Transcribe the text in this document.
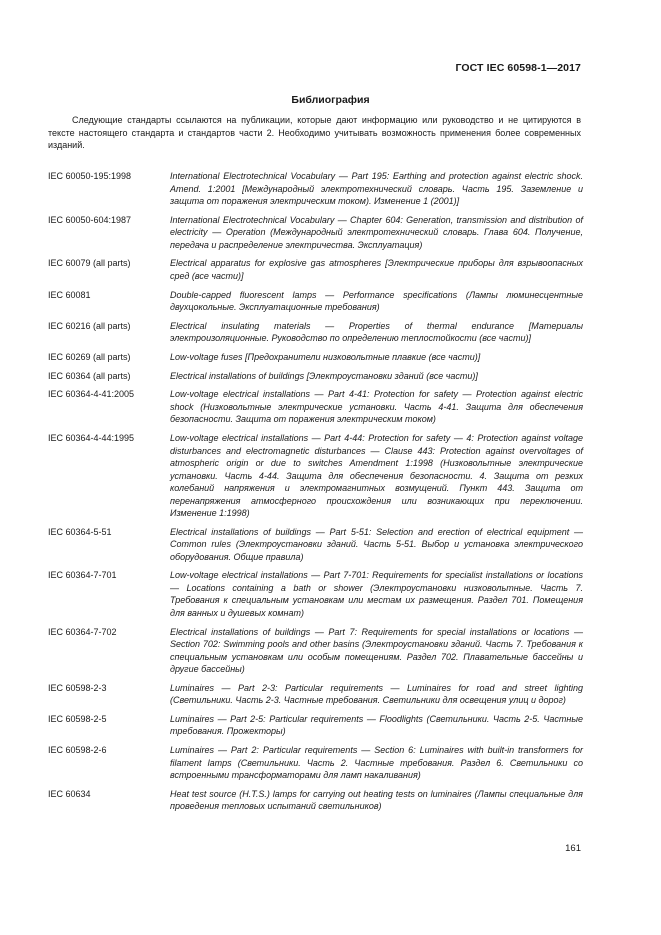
ГОСТ IEC 60598-1—2017
Библиография
Следующие стандарты ссылаются на публикации, которые дают информацию или руководство и не цитируются в тексте настоящего стандарта и стандартов части 2. Необходимо учитывать возможность применения более современных изданий.
IEC 60050-195:1998	International Electrotechnical Vocabulary — Part 195: Earthing and protection against electric shock. Amend. 1:2001 [Международный электротехнический словарь. Часть 195. Заземление и защита от поражения электрическим током). Изменение 1 (2001)]
IEC 60050-604:1987	International Electrotechnical Vocabulary — Chapter 604: Generation, transmission and distribution of electricity — Operation (Международный электротехнический словарь. Глава 604. Получение, передача и распределение электричества. Эксплуатация)
IEC 60079 (all parts)	Electrical apparatus for explosive gas atmospheres [Электрические приборы для взрывоопасных сред (все части)]
IEC 60081	Double-capped fluorescent lamps — Performance specifications (Лампы люминесцентные двухцокольные. Эксплуатационные требования)
IEC 60216 (all parts)	Electrical insulating materials — Properties of thermal endurance [Материалы электроизоляционные. Руководство по определению теплостойкости (все части)]
IEC 60269 (all parts)	Low-voltage fuses [Предохранители низковольтные плавкие (все части)]
IEC 60364 (all parts)	Electrical installations of buildings [Электроустановки зданий (все части)]
IEC 60364-4-41:2005	Low-voltage electrical installations — Part 4-41: Protection for safety — Protection against electric shock (Низковольтные электрические установки. Часть 4-41. Защита для обеспечения безопасности. Защита от поражения электрическим током)
IEC 60364-4-44:1995	Low-voltage electrical installations — Part 4-44: Protection for safety — 4: Protection against voltage disturbances and electromagnetic disturbances — Clause 443: Protection against overvoltages of atmospheric origin or due to switches Amendment 1:1998 (Низковольтные электрические установки. Часть 4-44. Защита для обеспечения безопасности. 4. Защита от резких колебаний напряжения и электромагнитных возмущений. Пункт 443. Защита от перенапряжения атмосферного происхождения или возникающих при переключении. Изменение 1:1998)
IEC 60364-5-51	Electrical installations of buildings — Part 5-51: Selection and erection of electrical equipment — Common rules (Электроустановки зданий. Часть 5-51. Выбор и установка электрического оборудования. Общие правила)
IEC 60364-7-701	Low-voltage electrical installations — Part 7-701: Requirements for specialist installations or locations — Locations containing a bath or shower (Электроустановки низковольтные. Часть 7. Требования к специальным установкам или местам их размещения. Раздел 701. Помещения для ванных и душевых комнат)
IEC 60364-7-702	Electrical installations of buildings — Part 7: Requirements for special installations or locations — Section 702: Swimming pools and other basins (Электроустановки зданий. Часть 7. Требования к специальным установкам или особым помещениям. Раздел 702. Плавательные бассейны и другие бассейны)
IEC 60598-2-3	Luminaires — Part 2-3: Particular requirements — Luminaires for road and street lighting (Светильники. Часть 2-3. Частные требования. Светильники для освещения улиц и дорог)
IEC 60598-2-5	Luminaires — Part 2-5: Particular requirements — Floodlights (Светильники. Часть 2-5. Частные требования. Прожекторы)
IEC 60598-2-6	Luminaires — Part 2: Particular requirements — Section 6: Luminaires with built-in transformers for filament lamps (Светильники. Часть 2. Частные требования. Раздел 6. Светильники со встроенными трансформаторами для ламп накаливания)
IEC 60634	Heat test source (H.T.S.) lamps for carrying out heating tests on luminaires (Лампы специальные для проведения тепловых испытаний светильников)
161
